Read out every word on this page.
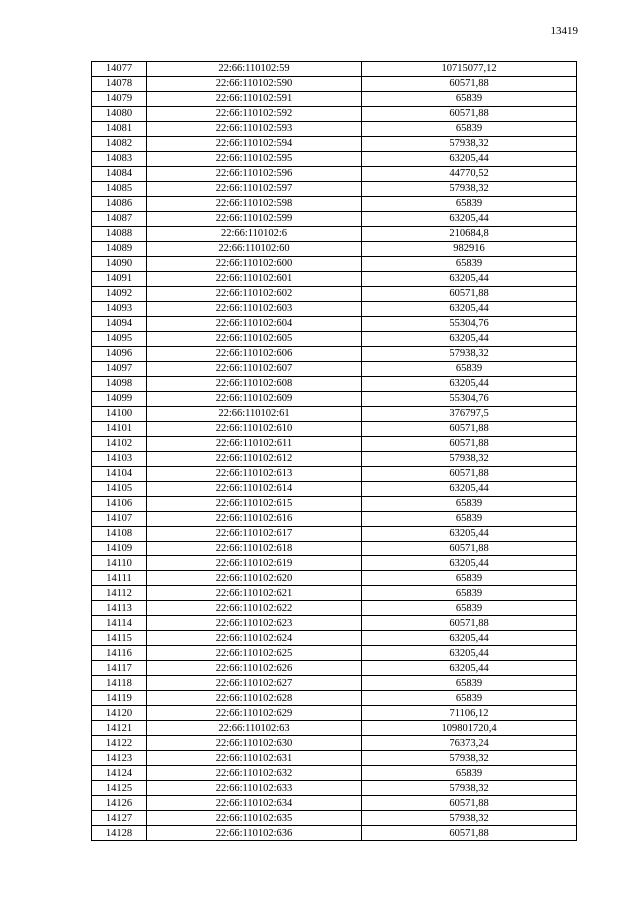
13419
14077	22:66:110102:59	10715077,12
14078	22:66:110102:590	60571,88
14079	22:66:110102:591	65839
14080	22:66:110102:592	60571,88
14081	22:66:110102:593	65839
14082	22:66:110102:594	57938,32
14083	22:66:110102:595	63205,44
14084	22:66:110102:596	44770,52
14085	22:66:110102:597	57938,32
14086	22:66:110102:598	65839
14087	22:66:110102:599	63205,44
14088	22:66:110102:6	210684,8
14089	22:66:110102:60	982916
14090	22:66:110102:600	65839
14091	22:66:110102:601	63205,44
14092	22:66:110102:602	60571,88
14093	22:66:110102:603	63205,44
14094	22:66:110102:604	55304,76
14095	22:66:110102:605	63205,44
14096	22:66:110102:606	57938,32
14097	22:66:110102:607	65839
14098	22:66:110102:608	63205,44
14099	22:66:110102:609	55304,76
14100	22:66:110102:61	376797,5
14101	22:66:110102:610	60571,88
14102	22:66:110102:611	60571,88
14103	22:66:110102:612	57938,32
14104	22:66:110102:613	60571,88
14105	22:66:110102:614	63205,44
14106	22:66:110102:615	65839
14107	22:66:110102:616	65839
14108	22:66:110102:617	63205,44
14109	22:66:110102:618	60571,88
14110	22:66:110102:619	63205,44
14111	22:66:110102:620	65839
14112	22:66:110102:621	65839
14113	22:66:110102:622	65839
14114	22:66:110102:623	60571,88
14115	22:66:110102:624	63205,44
14116	22:66:110102:625	63205,44
14117	22:66:110102:626	63205,44
14118	22:66:110102:627	65839
14119	22:66:110102:628	65839
14120	22:66:110102:629	71106,12
14121	22:66:110102:63	109801720,4
14122	22:66:110102:630	76373,24
14123	22:66:110102:631	57938,32
14124	22:66:110102:632	65839
14125	22:66:110102:633	57938,32
14126	22:66:110102:634	60571,88
14127	22:66:110102:635	57938,32
14128	22:66:110102:636	60571,88
